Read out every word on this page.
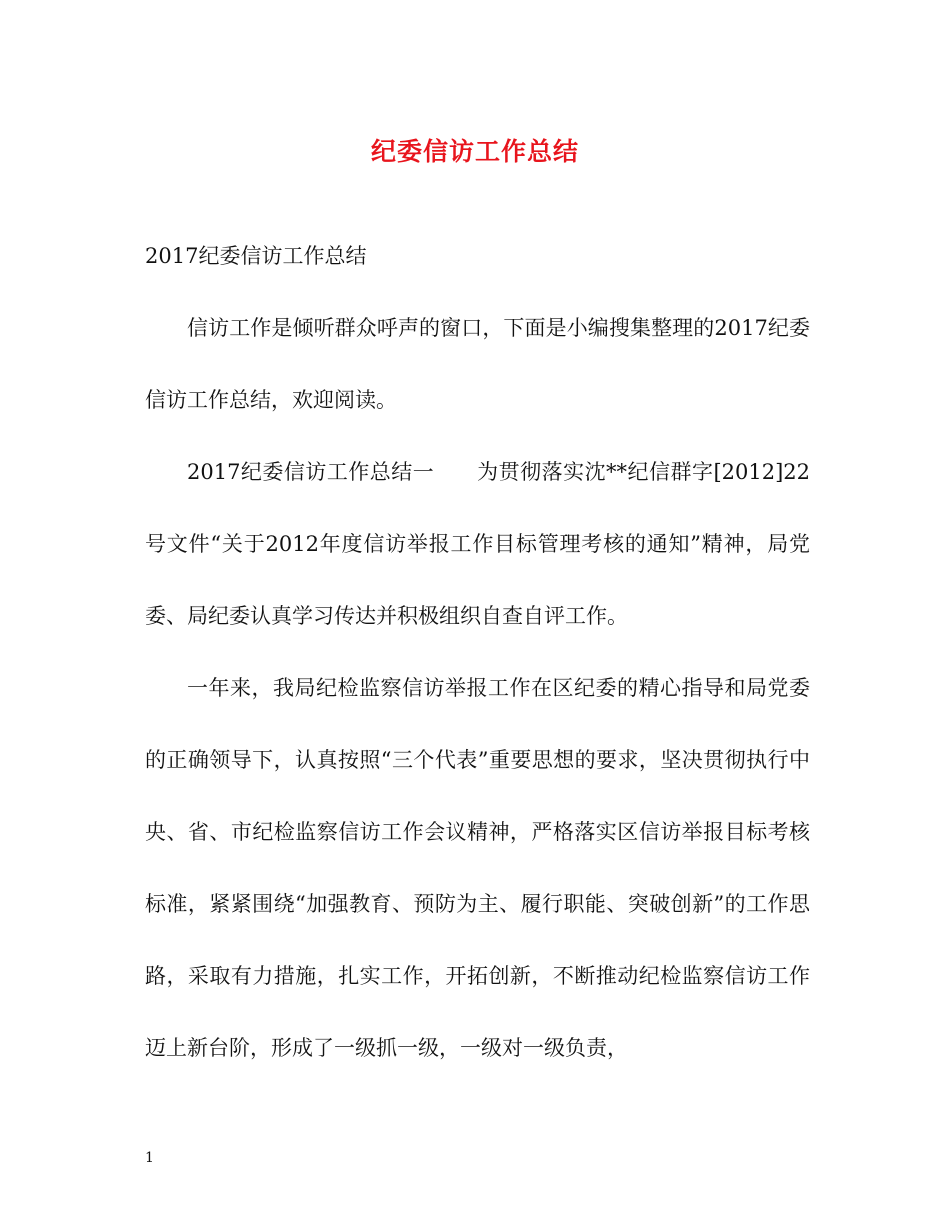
纪委信访工作总结

2017纪委信访工作总结

信访工作是倾听群众呼声的窗口，下面是小编搜集整理的2017纪委信访工作总结，欢迎阅读。

2017纪委信访工作总结一　　为贯彻落实沈**纪信群字[2012]22号文件“关于2012年度信访举报工作目标管理考核的通知”精神，局党委、局纪委认真学习传达并积极组织自查自评工作。

一年来，我局纪检监察信访举报工作在区纪委的精心指导和局党委的正确领导下，认真按照“三个代表”重要思想的要求，坚决贯彻执行中央、省、市纪检监察信访工作会议精神，严格落实区信访举报目标考核标准，紧紧围绕“加强教育、预防为主、履行职能、突破创新”的工作思路，采取有力措施，扎实工作，开拓创新，不断推动纪检监察信访工作迈上新台阶，形成了一级抓一级，一级对一级负责，

1
